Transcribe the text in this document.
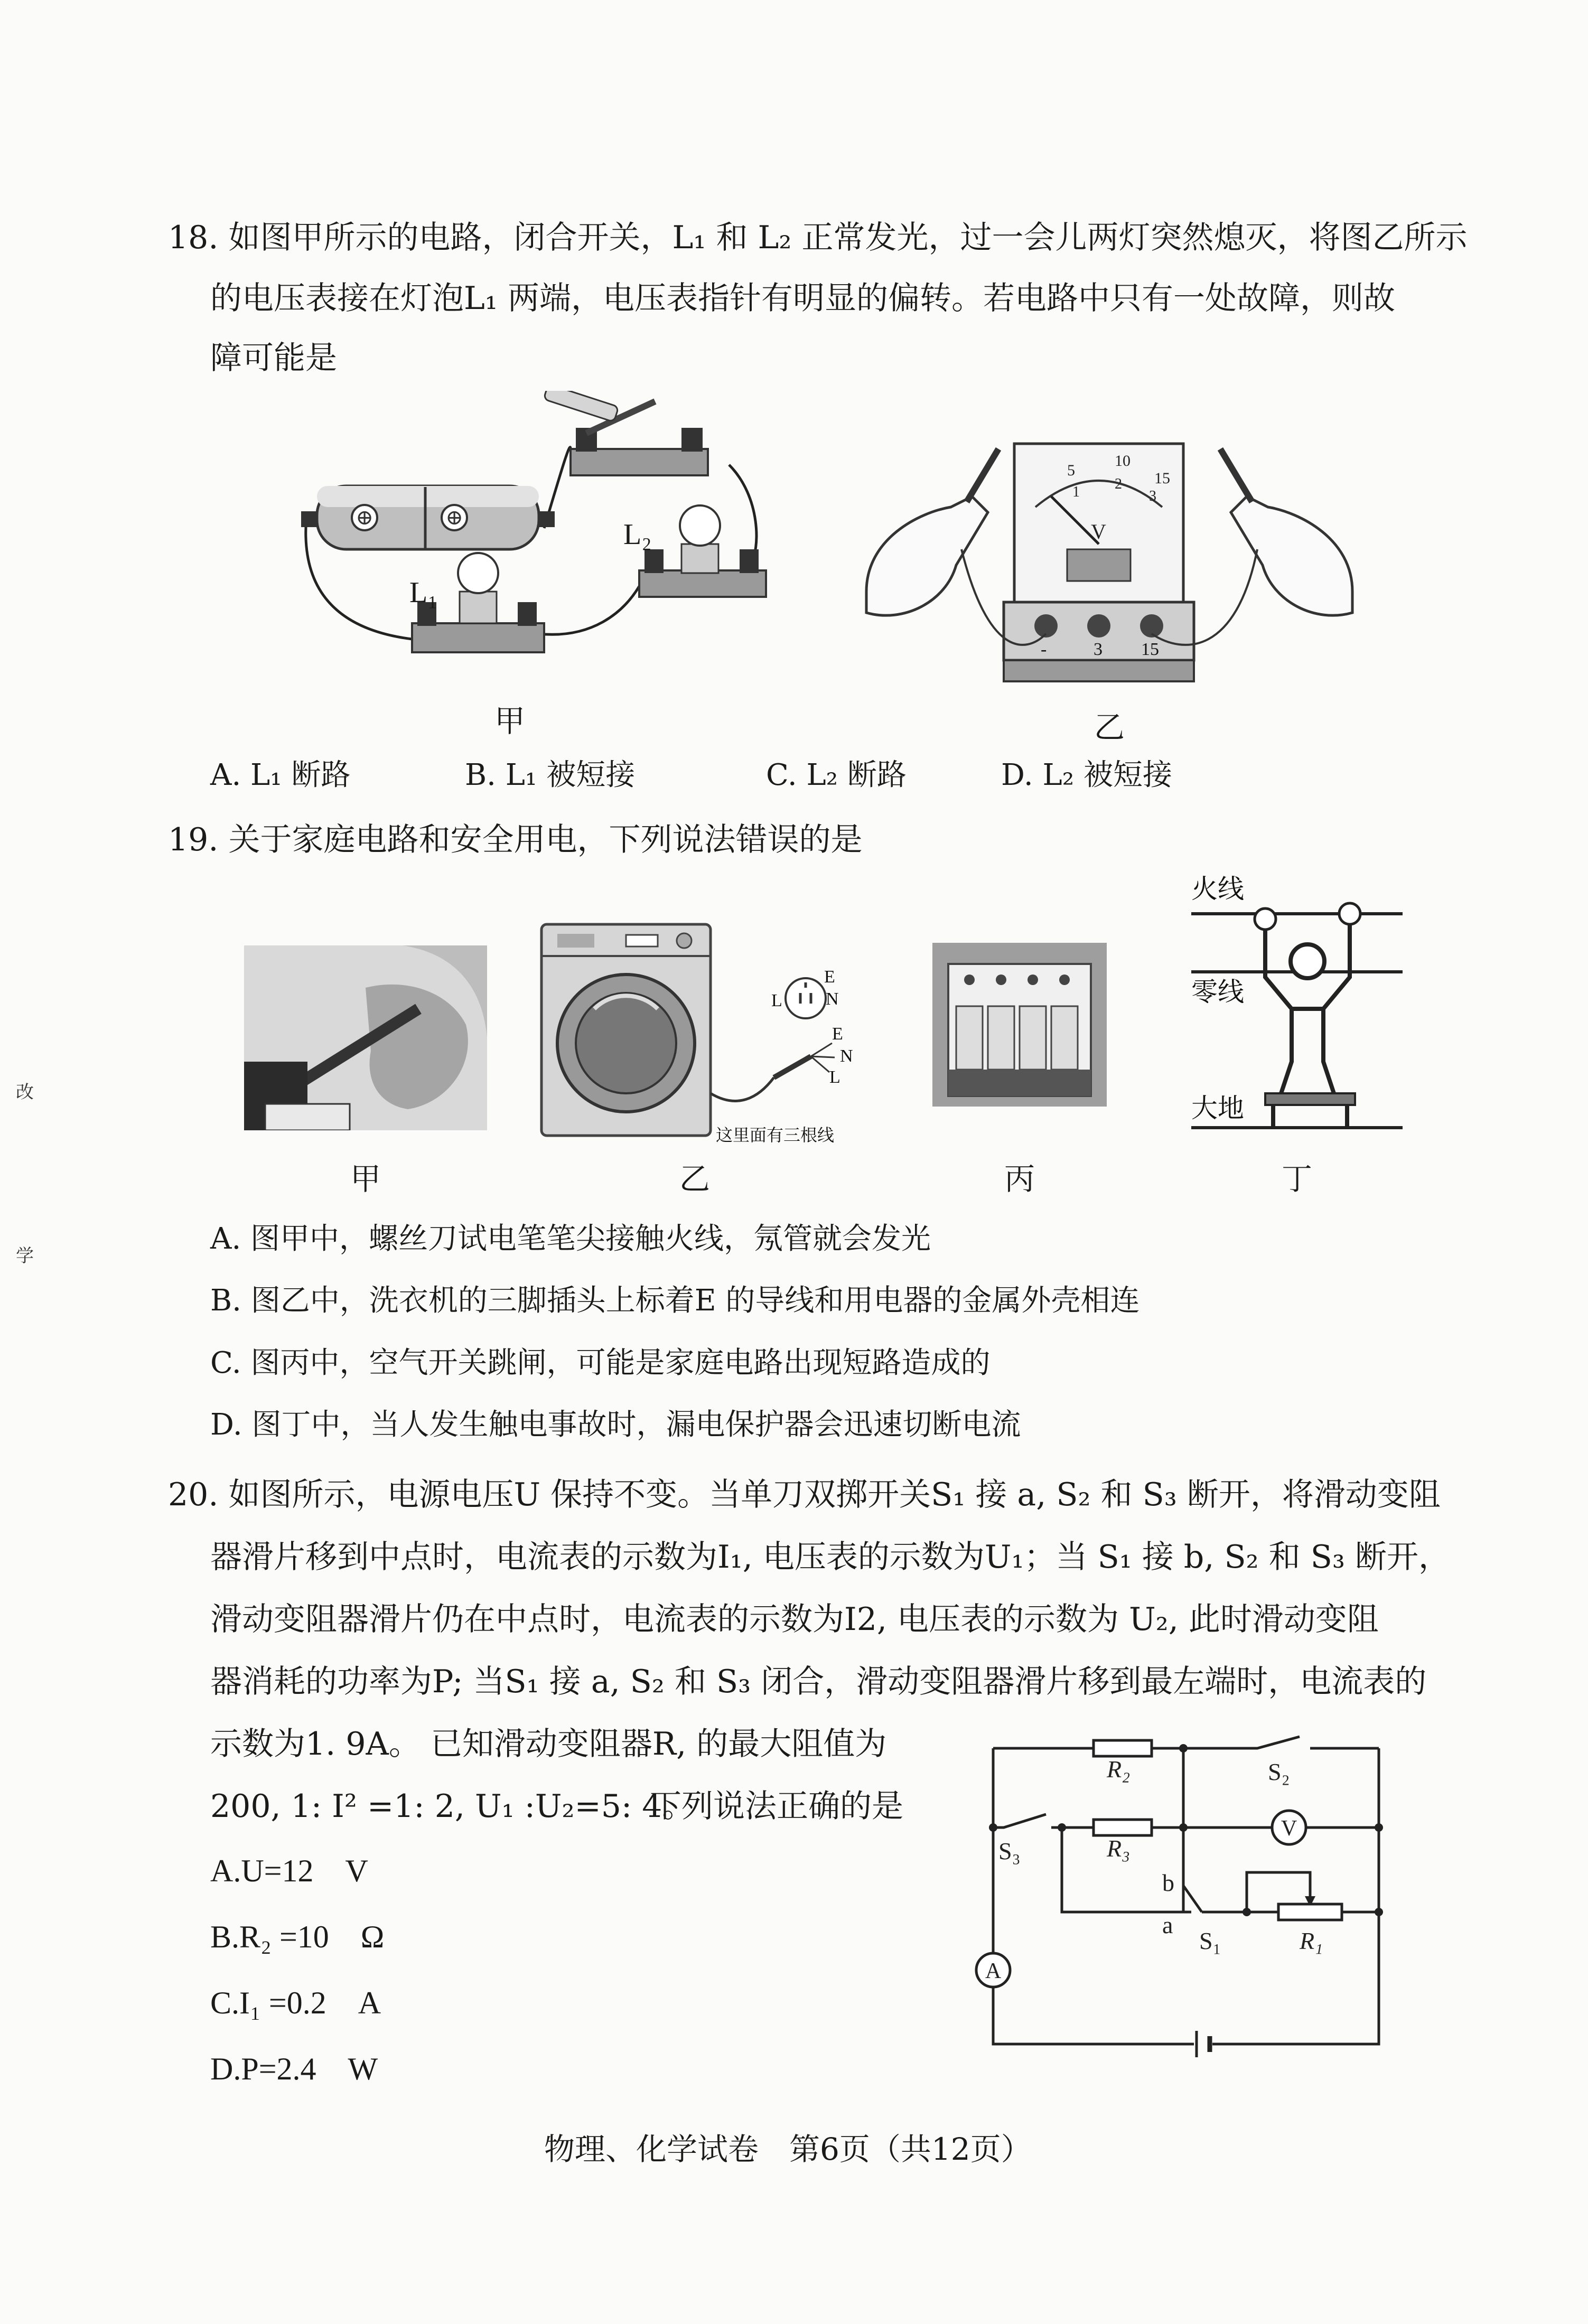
改
学
18. 如图甲所示的电路，闭合开关，L₁ 和 L₂ 正常发光，过一会儿两灯突然熄灭，将图乙所示
的电压表接在灯泡L₁ 两端，电压表指针有明显的偏转。若电路中只有一处故障，则故
障可能是
⊕	⊕
L₂
L₁
甲
5
10
15
1 2
3
V
-	3 15
乙
A. L₁ 断路	B. L₁ 被短接	C. L₂ 断路	D. L₂ 被短接
19. 关于家庭电路和安全用电，下列说法错误的是
甲
E
N
L
E
N
L
这里面有三根线
乙	丙
火线
零线
大地
丁
A. 图甲中，螺丝刀试电笔笔尖接触火线，氖管就会发光
B. 图乙中，洗衣机的三脚插头上标着E 的导线和用电器的金属外壳相连
C. 图丙中，空气开关跳闸，可能是家庭电路出现短路造成的
D. 图丁中，当人发生触电事故时，漏电保护器会迅速切断电流
20. 如图所示，电源电压U 保持不变。当单刀双掷开关S₁ 接 a, S₂ 和 S₃ 断开，将滑动变阻
器滑片移到中点时，电流表的示数为I₁, 电压表的示数为U₁；当 S₁ 接 b, S₂ 和 S₃ 断开，
滑动变阻器滑片仍在中点时，电流表的示数为I2, 电压表的示数为 U₂, 此时滑动变阻
器消耗的功率为P; 当S₁ 接 a, S₂ 和 S₃ 闭合，滑动变阻器滑片移到最左端时，电流表的
示数为1. 9A。 已知滑动变阻器R, 的最大阻值为
200, 1: I² =1: 2, U₁ :U₂=5: 4。
下列说法正确的是
A.U=12　V
B.R₂ =10　Ω
C.I₁ =0.2　A
D.P=2.4　W
V
A
R₂
R₃
R₁
S₂
S₃
S₁
b
a
物理、化学试卷　第6页（共12页）
